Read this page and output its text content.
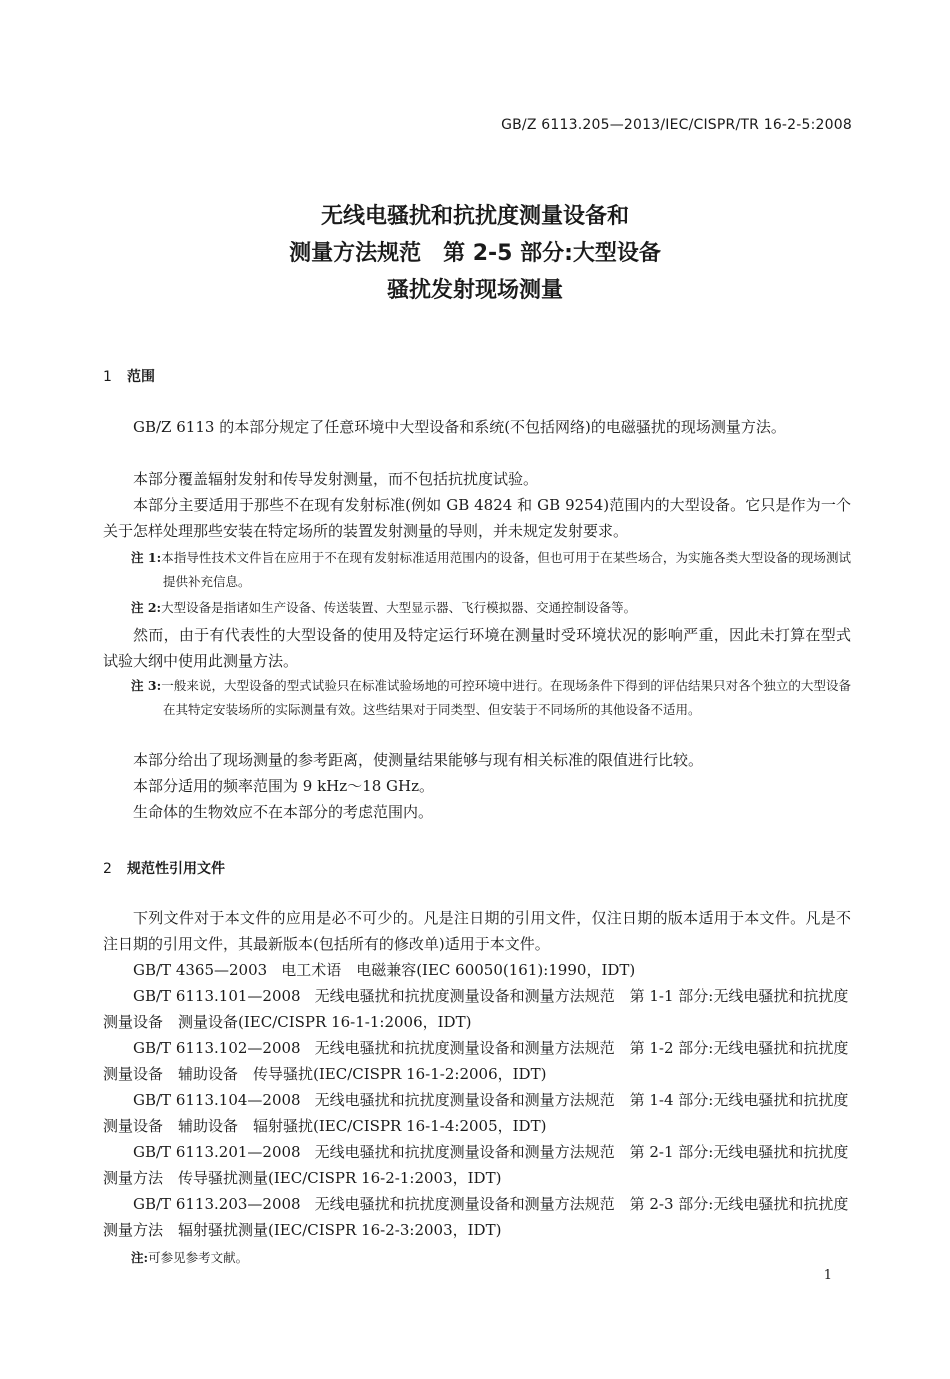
GB/Z 6113.205—2013/IEC/CISPR/TR 16-2-5:2008
无线电骚扰和抗扰度测量设备和
测量方法规范　第 2-5 部分:大型设备
骚扰发射现场测量
1 范围
GB/Z 6113 的本部分规定了任意环境中大型设备和系统(不包括网络)的电磁骚扰的现场测量方法。
本部分覆盖辐射发射和传导发射测量，而不包括抗扰度试验。
本部分主要适用于那些不在现有发射标准(例如 GB 4824 和 GB 9254)范围内的大型设备。它只是作为一个关于怎样处理那些安装在特定场所的装置发射测量的导则，并未规定发射要求。
注 1:本指导性技术文件旨在应用于不在现有发射标准适用范围内的设备，但也可用于在某些场合，为实施各类大型设备的现场测试提供补充信息。
注 2:大型设备是指诸如生产设备、传送装置、大型显示器、飞行模拟器、交通控制设备等。
然而，由于有代表性的大型设备的使用及特定运行环境在测量时受环境状况的影响严重，因此未打算在型式试验大纲中使用此测量方法。
注 3:一般来说，大型设备的型式试验只在标准试验场地的可控环境中进行。在现场条件下得到的评估结果只对各个独立的大型设备在其特定安装场所的实际测量有效。这些结果对于同类型、但安装于不同场所的其他设备不适用。
本部分给出了现场测量的参考距离，使测量结果能够与现有相关标准的限值进行比较。
本部分适用的频率范围为 9 kHz～18 GHz。
生命体的生物效应不在本部分的考虑范围内。
2 规范性引用文件
下列文件对于本文件的应用是必不可少的。凡是注日期的引用文件，仅注日期的版本适用于本文件。凡是不注日期的引用文件，其最新版本(包括所有的修改单)适用于本文件。
GB/T 4365—2003 电工术语　电磁兼容(IEC 60050(161):1990，IDT)
GB/T 6113.101—2008 无线电骚扰和抗扰度测量设备和测量方法规范　第 1-1 部分:无线电骚扰和抗扰度测量设备　测量设备(IEC/CISPR 16-1-1:2006，IDT)
GB/T 6113.102—2008 无线电骚扰和抗扰度测量设备和测量方法规范　第 1-2 部分:无线电骚扰和抗扰度测量设备　辅助设备　传导骚扰(IEC/CISPR 16-1-2:2006，IDT)
GB/T 6113.104—2008 无线电骚扰和抗扰度测量设备和测量方法规范　第 1-4 部分:无线电骚扰和抗扰度测量设备　辅助设备　辐射骚扰(IEC/CISPR 16-1-4:2005，IDT)
GB/T 6113.201—2008 无线电骚扰和抗扰度测量设备和测量方法规范　第 2-1 部分:无线电骚扰和抗扰度测量方法　传导骚扰测量(IEC/CISPR 16-2-1:2003，IDT)
GB/T 6113.203—2008 无线电骚扰和抗扰度测量设备和测量方法规范　第 2-3 部分:无线电骚扰和抗扰度测量方法　辐射骚扰测量(IEC/CISPR 16-2-3:2003，IDT)
注:可参见参考文献。
1
